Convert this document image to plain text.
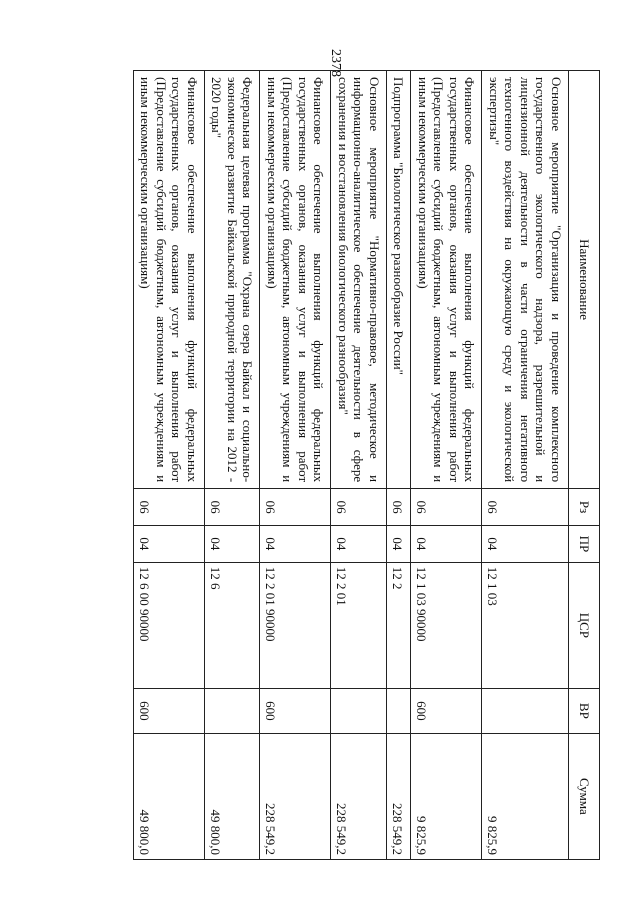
2378
Наименование	Рз	ПР	ЦСР	ВР	Сумма
Основное мероприятие "Организация и проведение комплексного государственного экологического надзора, разрешительной и лицензионной деятельности в части ограничения негативного техногенного воздействия на окружающую среду и экологической экспертизы"	06	04	12 1 03		9 825,9
Финансовое обеспечение выполнения функций федеральных государственных органов, оказания услуг и выполнения работ (Предоставление субсидий бюджетным, автономным учреждениям и иным некоммерческим организациям)	06	04	12 1 03 90000	600	9 825,9
Подпрограмма "Биологическое разнообразие России"	06	04	12 2		228 549,2
Основное мероприятие "Нормативно-правовое, методическое и информационно-аналитическое обеспечение деятельности в сфере сохранения и восстановления биологического разнообразия"	06	04	12 2 01		228 549,2
Финансовое обеспечение выполнения функций федеральных государственных органов, оказания услуг и выполнения работ (Предоставление субсидий бюджетным, автономным учреждениям и иным некоммерческим организациям)	06	04	12 2 01 90000	600	228 549,2
Федеральная целевая программа "Охрана озера Байкал и социально-экономическое развитие Байкальской природной территории на 2012 - 2020 годы"	06	04	12 6		49 800,0
Финансовое обеспечение выполнения функций федеральных государственных органов, оказания услуг и выполнения работ (Предоставление субсидий бюджетным, автономным учреждениям и иным некоммерческим организациям)	06	04	12 6 00 90000	600	49 800,0
